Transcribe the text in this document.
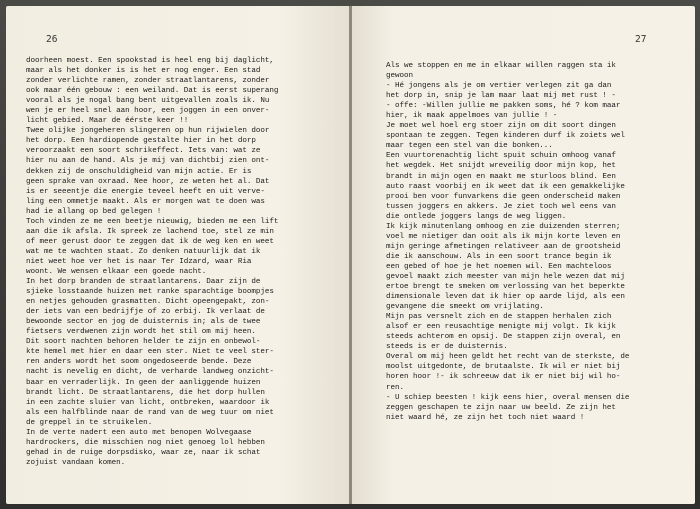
26
doorheen moest. Een spookstad is heel eng bij daglicht,
maar als het donker is is het er nog enger. Een stad
zonder verlichte ramen, zonder straatlantarens, zonder
ook maar één gebouw : een weiland. Dat is eerst superang
vooral als je nogal bang bent uitgevallen zoals ik. Nu
wen je er heel snel aan hoor, een joggen in een onver-
licht gebied. Maar de éérste keer !!
Twee olijke jongeheren slingeren op hun rijwielen door
het dorp. Een hardiopende gestalte hier in het dorp
veroorzaakt een soort schrikeffect. Iets van: wat ze
hier nu aan de hand. Als je mij van dichtbij zien ont-
dekken zij de onschuldigheid van mijn actie. Er is
geen sprake van oxraad. Nee hoor, ze weten het al. Dat
is er seeentje die energie teveel heeft en uit verve-
ling een ommetje maakt. Als er morgen wat te doen was
had ie allang op bed gelegen !
Toch vinden ze me een beetje nieuwig, bieden me een lift
aan die ik afsla. Ik spreek ze lachend toe, stel ze min
of meer gerust door te zeggen dat ik de weg ken en weet
wat me te wachten staat. Zo denken natuurlijk dat ik
niet weet hoe ver het is naar Ter Idzard, waar Ria
woont. We wensen elkaar een goede nacht.
In het dorp branden de straatlantarens. Daar zijn de
sjieke losstaande huizen met ranke sparachtige boompjes
en netjes gehouden grasmatten. Dicht opeengepakt, zon-
der iets van een bedrijfje of zo erbij. Ik verlaat de
bewoonde sector en jog de duisternis in; als de twee
fietsers verdwenen zijn wordt het stil om mij heen.
Dit soort nachten behoren helder te zijn en onbewol-
kte hemel met hier en daar een ster. Niet te veel ster-
ren anders wordt het soom ongedoseerde bende. Deze
nacht is nevelig en dicht, de verharde landweg onzicht-
baar en verraderlijk. In geen der aanliggende huizen
brandt licht. De straatlantarens, die het dorp hullen
in een zachte sluier van licht, ontbreken, waardoor ik
als een halfblinde naar de rand van de weg tuur om niet
de greppel in te struikelen.
In de verte nadert een auto met benopen Wolvegaase
hardrockers, die misschien nog niet genoeg lol hebben
gehad in de ruige dorpsdisko, waar ze, naar ik schat
zojuist vandaan komen.
27
Als we stoppen en me in elkaar willen raggen sta ik
gewoon
- Hé jongens als je om vertier verlegen zit ga dan
het dorp in, snip je lam maar laat mij met rust ! -
- offe: -Willen jullie me pakken soms, hé ? kom maar
hier, ik maak appelmoes van jullie ! -
Je moet wel hoel erg stoer zijn om dit soort dingen
spontaan te zeggen. Tegen kinderen durf ik zoiets wel
maar tegen een stel van die bonken...
Een vuurtorenachtig licht spuit schuin omhoog vanaf
het wegdek. Het snijdt wreveilig door mijn kop, het
brandt in mijn ogen en maakt me sturloos blind. Een
auto raast voorbij en ik weet dat ik een gemakkelijke
prooi ben voor funvarkens die geen onderscheid maken
tussen joggers en akkers. Je ziet toch wel eens van
die ontlede joggers langs de weg liggen.
Ik kijk minutenlang omhoog en zie duizenden sterren;
voel me nietiger dan ooit als ik mijn korte leven en
mijn geringe afmetingen relativeer aan de grootsheid
die ik aanschouw. Als in een soort trance begin ik
een gebed of hoe je het noemen wil. Een machteloos
gevoel maakt zich meester van mijn hele wezen dat mij
ertoe brengt te smeken om verlossing van het beperkte
dimensionale leven dat ik hier op aarde lijd, als een
gevangene die smeekt om vrijlating.
Mijn pas versnelt zich en de stappen herhalen zich
alsof er een reusachtige menigte mij volgt. Ik kijk
steeds achterom en opsij. De stappen zijn overal, en
steeds is er de duisternis.
Overal om mij heen geldt het recht van de sterkste, de
moolst uitgedonte, de brutaalste. Ik wil er niet bij
horen hoor !- ik schreeuw dat ik er niet bij wil ho-
ren.
- U schiep beesten ! kijk eens hier, overal mensen die
zeggen geschapen te zijn naar uw beeld. Ze zijn het
niet waard hé, ze zijn het toch niet waard !
